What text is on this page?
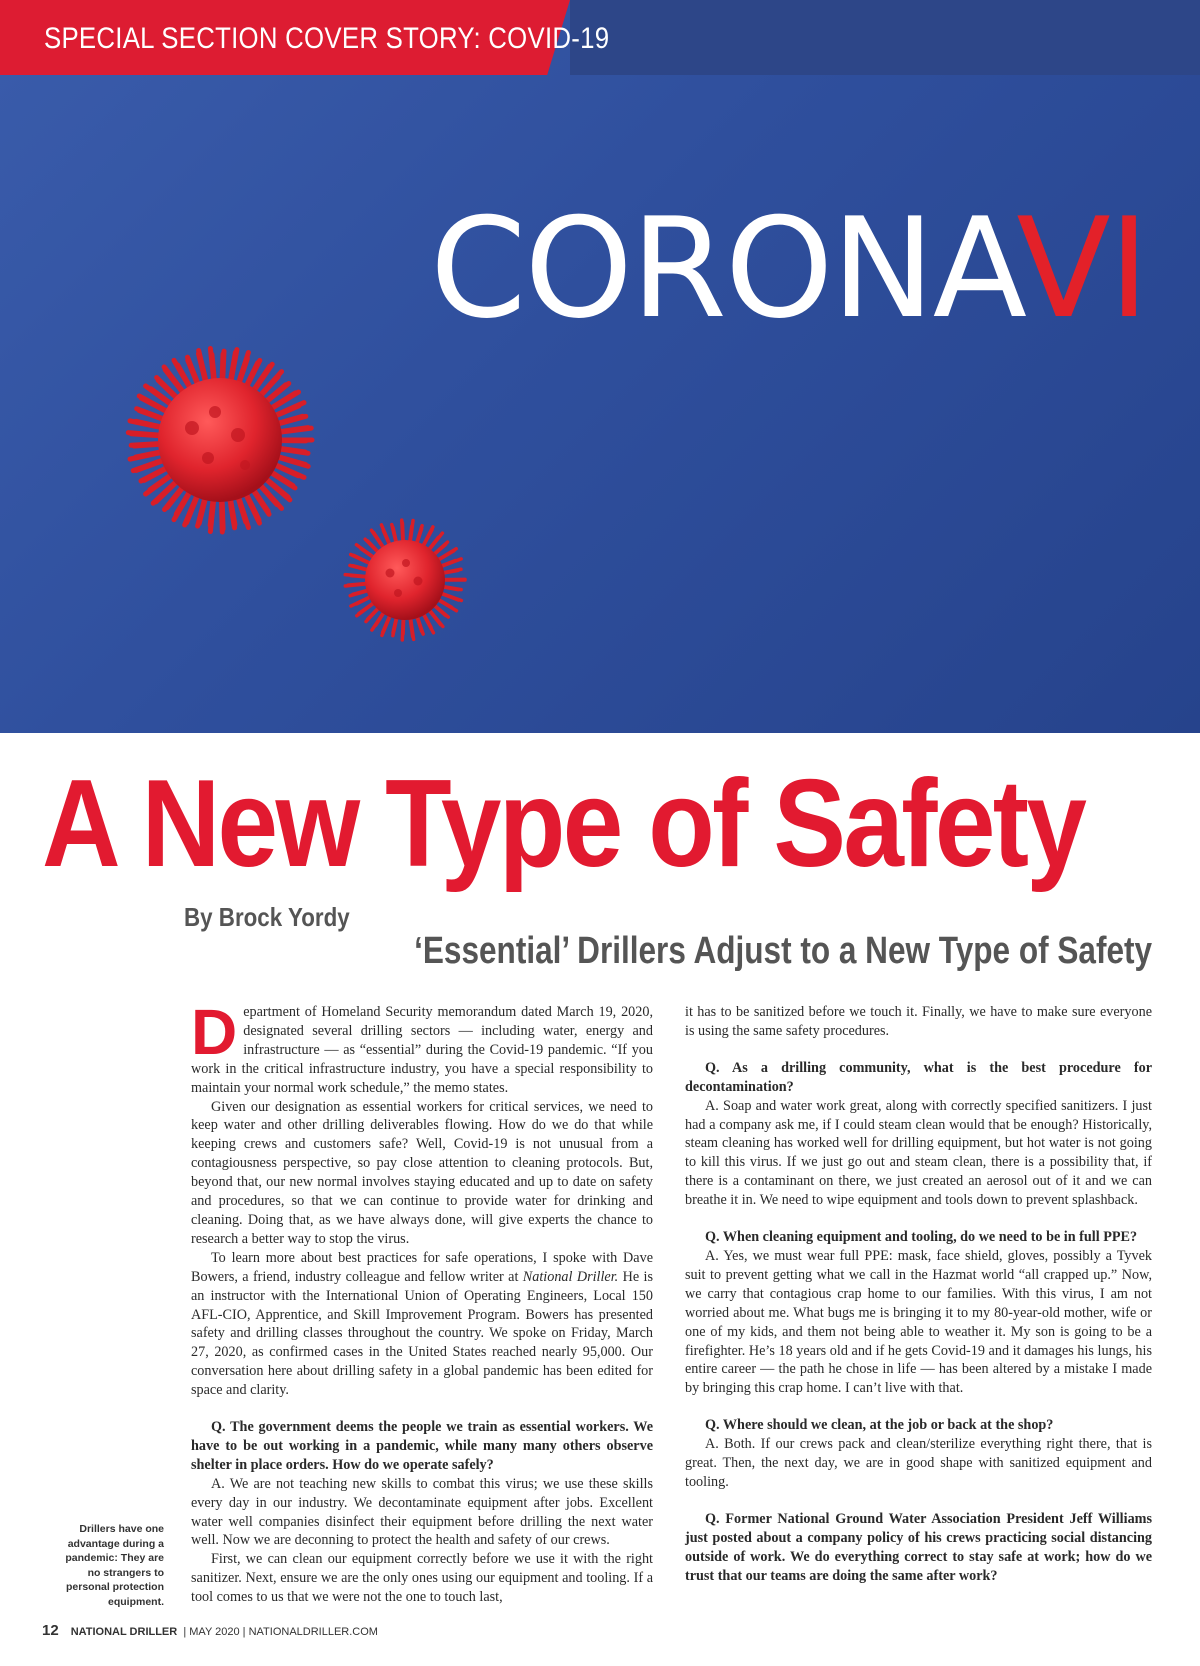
SPECIAL SECTION COVER STORY: COVID-19
CORONAVI
A New Type of Safety
By Brock Yordy
‘Essential’ Drillers Adjust to a New Type of Safety

Department of Homeland Security memorandum dated March 19, 2020, designated several drilling sectors — including water, energy and infrastructure — as “essential” during the Covid-19 pandemic. “If you work in the critical infrastructure industry, you have a special responsibility to maintain your normal work schedule,” the memo states.

Given our designation as essential workers for critical services, we need to keep water and other drilling deliverables flowing. How do we do that while keeping crews and customers safe? Well, Covid-19 is not unusual from a contagiousness perspective, so pay close attention to cleaning protocols. But, beyond that, our new normal involves staying educated and up to date on safety and procedures, so that we can continue to provide water for drinking and cleaning. Doing that, as we have always done, will give experts the chance to research a better way to stop the virus.

To learn more about best practices for safe operations, I spoke with Dave Bowers, a friend, industry colleague and fellow writer at National Driller. He is an instructor with the International Union of Operating Engineers, Local 150 AFL-CIO, Apprentice, and Skill Improvement Program. Bowers has presented safety and drilling classes throughout the country. We spoke on Friday, March 27, 2020, as confirmed cases in the United States reached nearly 95,000. Our conversation here about drilling safety in a global pandemic has been edited for space and clarity.

Q. The government deems the people we train as essential workers. We have to be out working in a pandemic, while many many others observe shelter in place orders. How do we operate safely?

A. We are not teaching new skills to combat this virus; we use these skills every day in our industry. We decontaminate equipment after jobs. Excellent water well companies disinfect their equipment before drilling the next water well. Now we are deconning to protect the health and safety of our crews.

First, we can clean our equipment correctly before we use it with the right sanitizer. Next, ensure we are the only ones using our equipment and tooling. If a tool comes to us that we were not the one to touch last,

it has to be sanitized before we touch it. Finally, we have to make sure everyone is using the same safety procedures.

Q. As a drilling community, what is the best procedure for decontamination?

A. Soap and water work great, along with correctly specified sanitizers. I just had a company ask me, if I could steam clean would that be enough? Historically, steam cleaning has worked well for drilling equipment, but hot water is not going to kill this virus. If we just go out and steam clean, there is a possibility that, if there is a contaminant on there, we just created an aerosol out of it and we can breathe it in. We need to wipe equipment and tools down to prevent splashback.

Q. When cleaning equipment and tooling, do we need to be in full PPE?

A. Yes, we must wear full PPE: mask, face shield, gloves, possibly a Tyvek suit to prevent getting what we call in the Hazmat world “all crapped up.” Now, we carry that contagious crap home to our families. With this virus, I am not worried about me. What bugs me is bringing it to my 80-year-old mother, wife or one of my kids, and them not being able to weather it. My son is going to be a firefighter. He’s 18 years old and if he gets Covid-19 and it damages his lungs, his entire career — the path he chose in life — has been altered by a mistake I made by bringing this crap home. I can’t live with that.

Q. Where should we clean, at the job or back at the shop?

A. Both. If our crews pack and clean/sterilize everything right there, that is great. Then, the next day, we are in good shape with sanitized equipment and tooling.

Q. Former National Ground Water Association President Jeff Williams just posted about a company policy of his crews practicing social distancing outside of work. We do everything correct to stay safe at work; how do we trust that our teams are doing the same after work?

Drillers have one advantage during a pandemic: They are no strangers to personal protection equipment.
12 NATIONAL DRILLER | MAY 2020 | NATIONALDRILLER.COM
